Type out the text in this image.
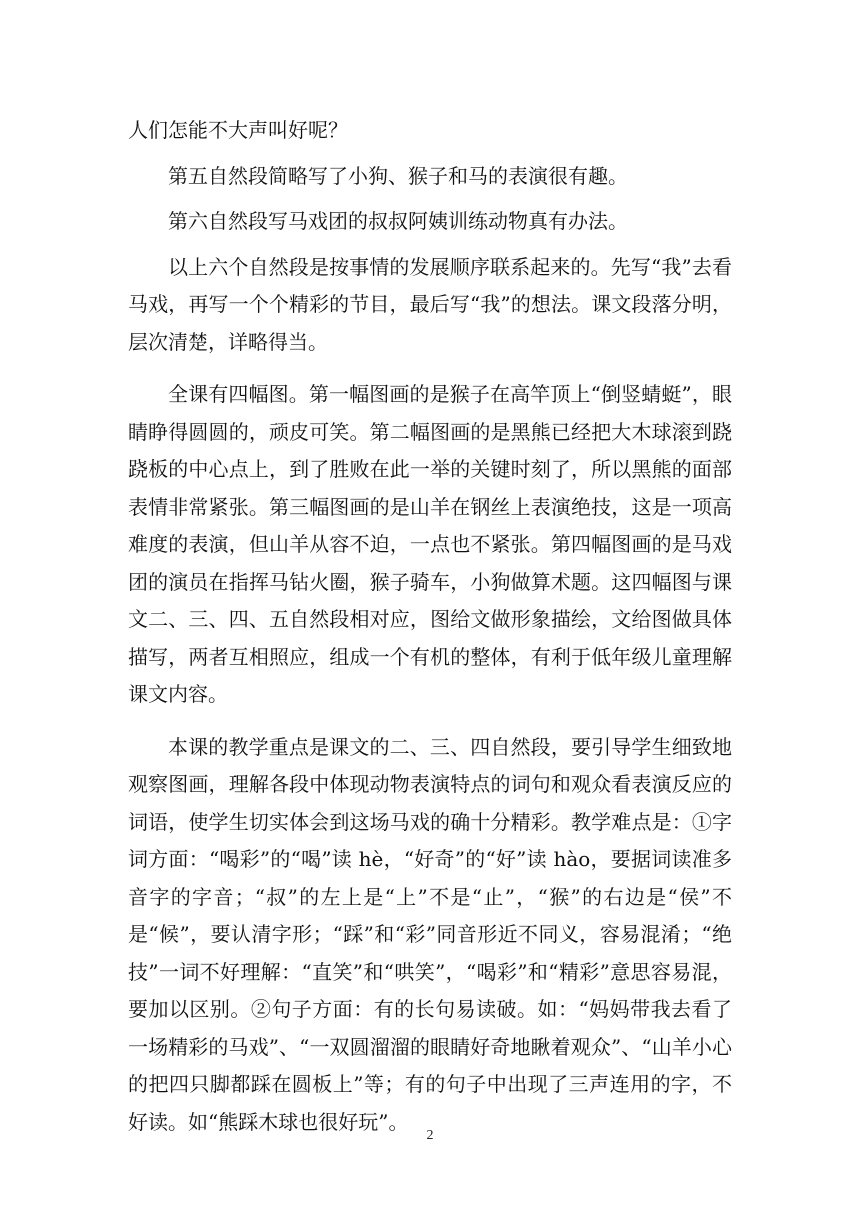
人们怎能不大声叫好呢？

第五自然段简略写了小狗、猴子和马的表演很有趣。

第六自然段写马戏团的叔叔阿姨训练动物真有办法。

以上六个自然段是按事情的发展顺序联系起来的。先写“我”去看马戏，再写一个个精彩的节目，最后写“我”的想法。课文段落分明，层次清楚，详略得当。

全课有四幅图。第一幅图画的是猴子在高竿顶上“倒竖蜻蜓”，眼睛睁得圆圆的，顽皮可笑。第二幅图画的是黑熊已经把大木球滚到跷跷板的中心点上，到了胜败在此一举的关键时刻了，所以黑熊的面部表情非常紧张。第三幅图画的是山羊在钢丝上表演绝技，这是一项高难度的表演，但山羊从容不迫，一点也不紧张。第四幅图画的是马戏团的演员在指挥马钻火圈，猴子骑车，小狗做算术题。这四幅图与课文二、三、四、五自然段相对应，图给文做形象描绘，文给图做具体描写，两者互相照应，组成一个有机的整体，有利于低年级儿童理解课文内容。

本课的教学重点是课文的二、三、四自然段，要引导学生细致地观察图画，理解各段中体现动物表演特点的词句和观众看表演反应的词语，使学生切实体会到这场马戏的确十分精彩。教学难点是：①字词方面：“喝彩”的“喝”读 hè，“好奇”的“好”读 hào，要据词读准多音字的字音；“叔”的左上是“上”不是“止”，“猴”的右边是“侯”不是“候”，要认清字形；“踩”和“彩”同音形近不同义，容易混淆；“绝技”一词不好理解：“直笑”和“哄笑”，“喝彩”和“精彩”意思容易混，要加以区别。②句子方面：有的长句易读破。如：“妈妈带我去看了一场精彩的马戏”、“一双圆溜溜的眼睛好奇地瞅着观众”、“山羊小心的把四只脚都踩在圆板上”等；有的句子中出现了三声连用的字，不好读。如“熊踩木球也很好玩”。

2
